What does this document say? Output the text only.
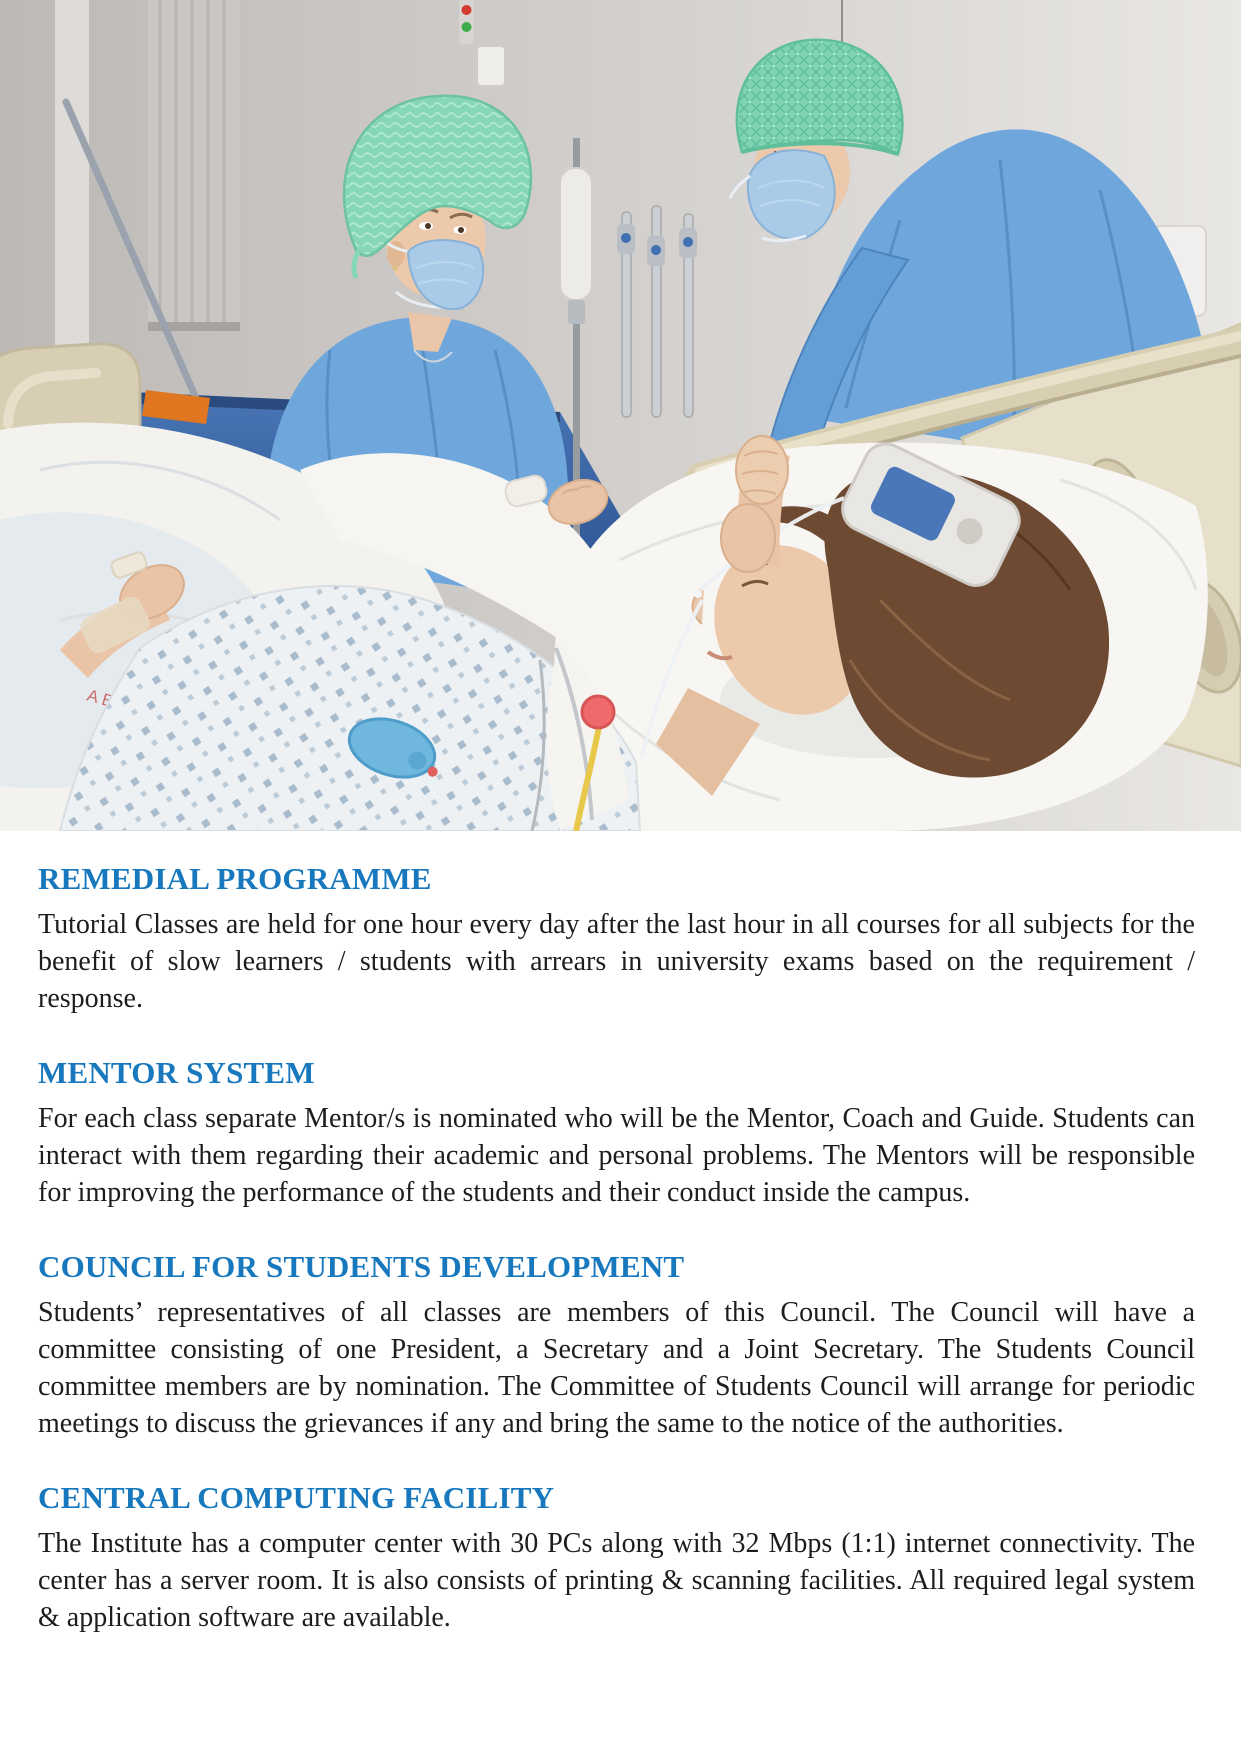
REMEDIAL PROGRAMME

Tutorial Classes are held for one hour every day after the last hour in all courses for all subjects for the benefit of slow learners / students with arrears in university exams based on the requirement / response.

MENTOR SYSTEM

For each class separate Mentor/s is nominated who will be the Mentor, Coach and Guide. Students can interact with them regarding their academic and personal problems. The Mentors will be responsible for improving the performance of the students and their conduct inside the campus.

COUNCIL FOR STUDENTS DEVELOPMENT

Students’ representatives of all classes are members of this Council. The Council will have a committee consisting of one President, a Secretary and a Joint Secretary. The Students Council committee members are by nomination. The Committee of Students Council will arrange for periodic meetings to discuss the grievances if any and bring the same to the notice of the authorities.

CENTRAL COMPUTING FACILITY

The Institute has a computer center with 30 PCs along with 32 Mbps (1:1) internet connectivity. The center has a server room. It is also consists of printing & scanning facilities. All required legal system & application software are available.
